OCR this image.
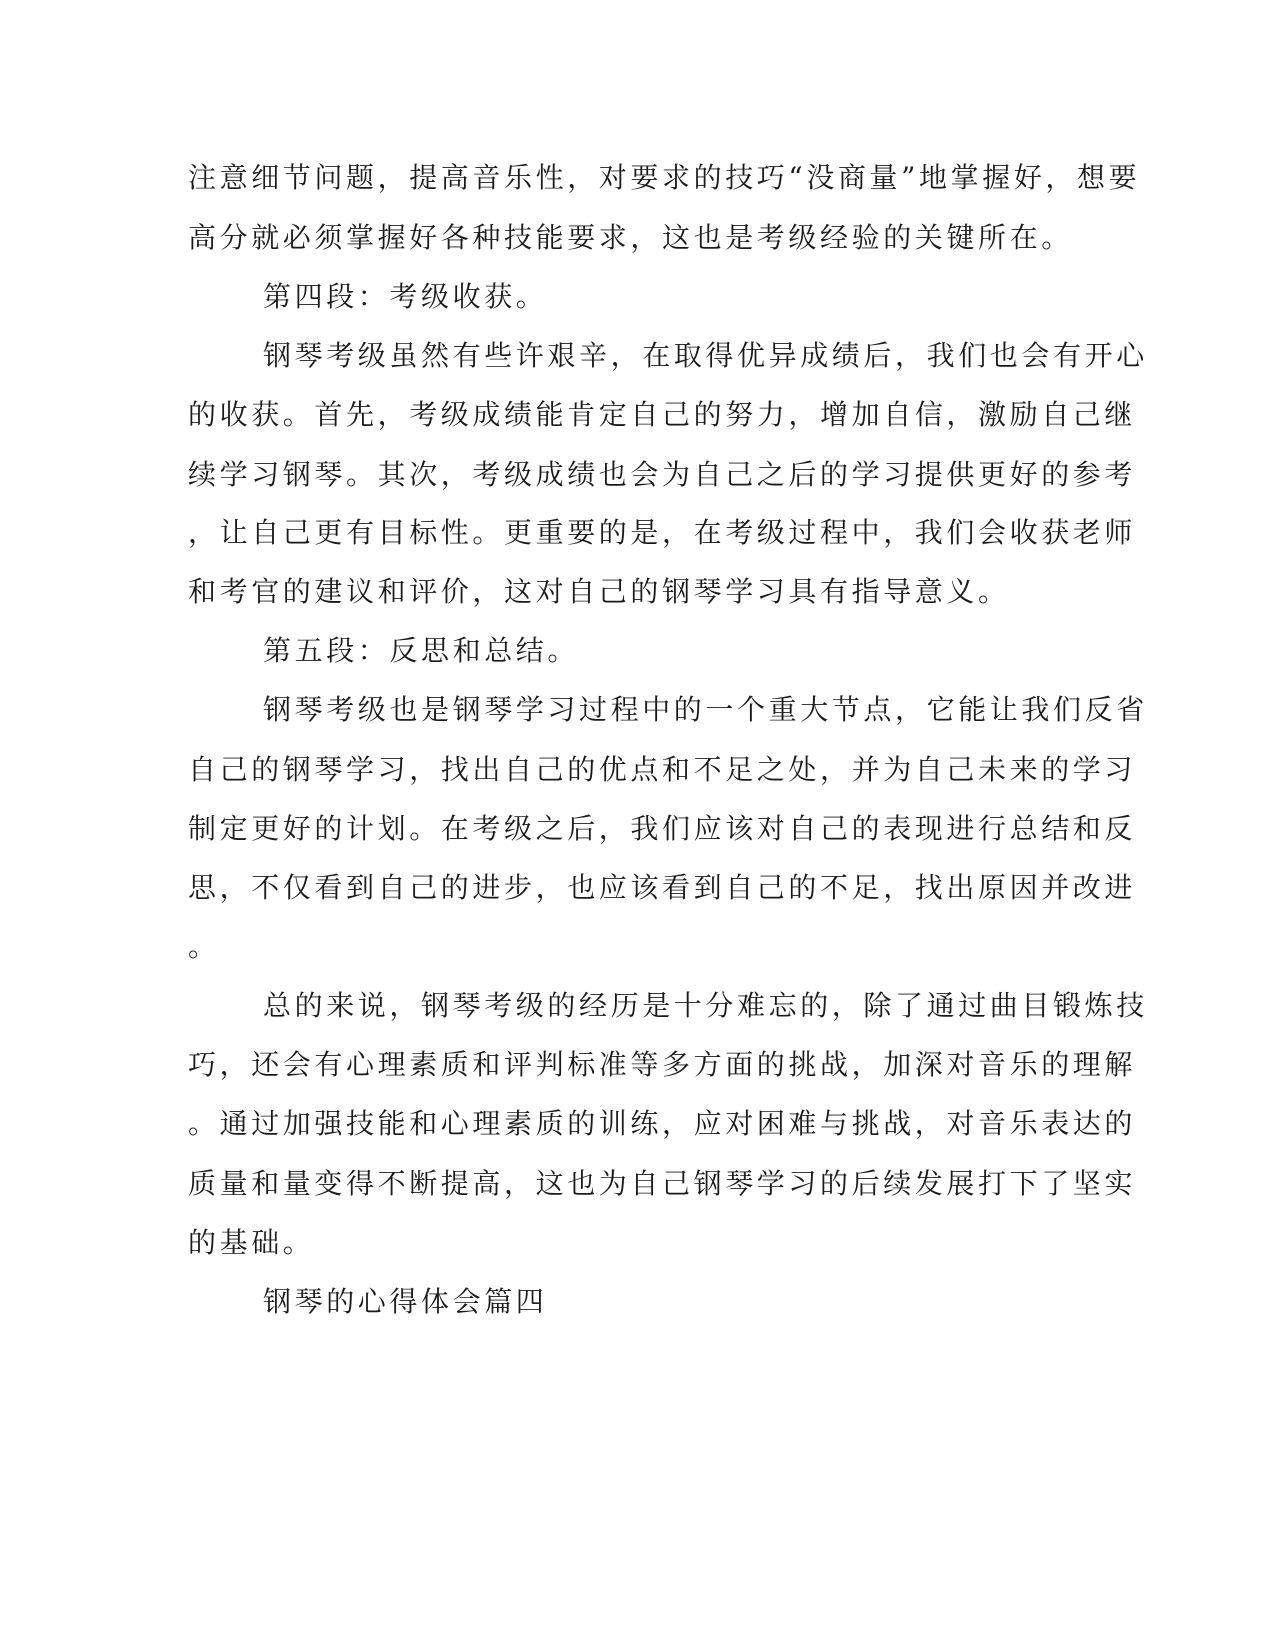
注意细节问题，提高音乐性，对要求的技巧“没商量”地掌握好，想要
高分就必须掌握好各种技能要求，这也是考级经验的关键所在。
第四段：考级收获。
钢琴考级虽然有些许艰辛，在取得优异成绩后，我们也会有开心
的收获。首先，考级成绩能肯定自己的努力，增加自信，激励自己继
续学习钢琴。其次，考级成绩也会为自己之后的学习提供更好的参考
，让自己更有目标性。更重要的是，在考级过程中，我们会收获老师
和考官的建议和评价，这对自己的钢琴学习具有指导意义。
第五段：反思和总结。
钢琴考级也是钢琴学习过程中的一个重大节点，它能让我们反省
自己的钢琴学习，找出自己的优点和不足之处，并为自己未来的学习
制定更好的计划。在考级之后，我们应该对自己的表现进行总结和反
思，不仅看到自己的进步，也应该看到自己的不足，找出原因并改进
。
总的来说，钢琴考级的经历是十分难忘的，除了通过曲目锻炼技
巧，还会有心理素质和评判标准等多方面的挑战，加深对音乐的理解
。通过加强技能和心理素质的训练，应对困难与挑战，对音乐表达的
质量和量变得不断提高，这也为自己钢琴学习的后续发展打下了坚实
的基础。
钢琴的心得体会篇四
